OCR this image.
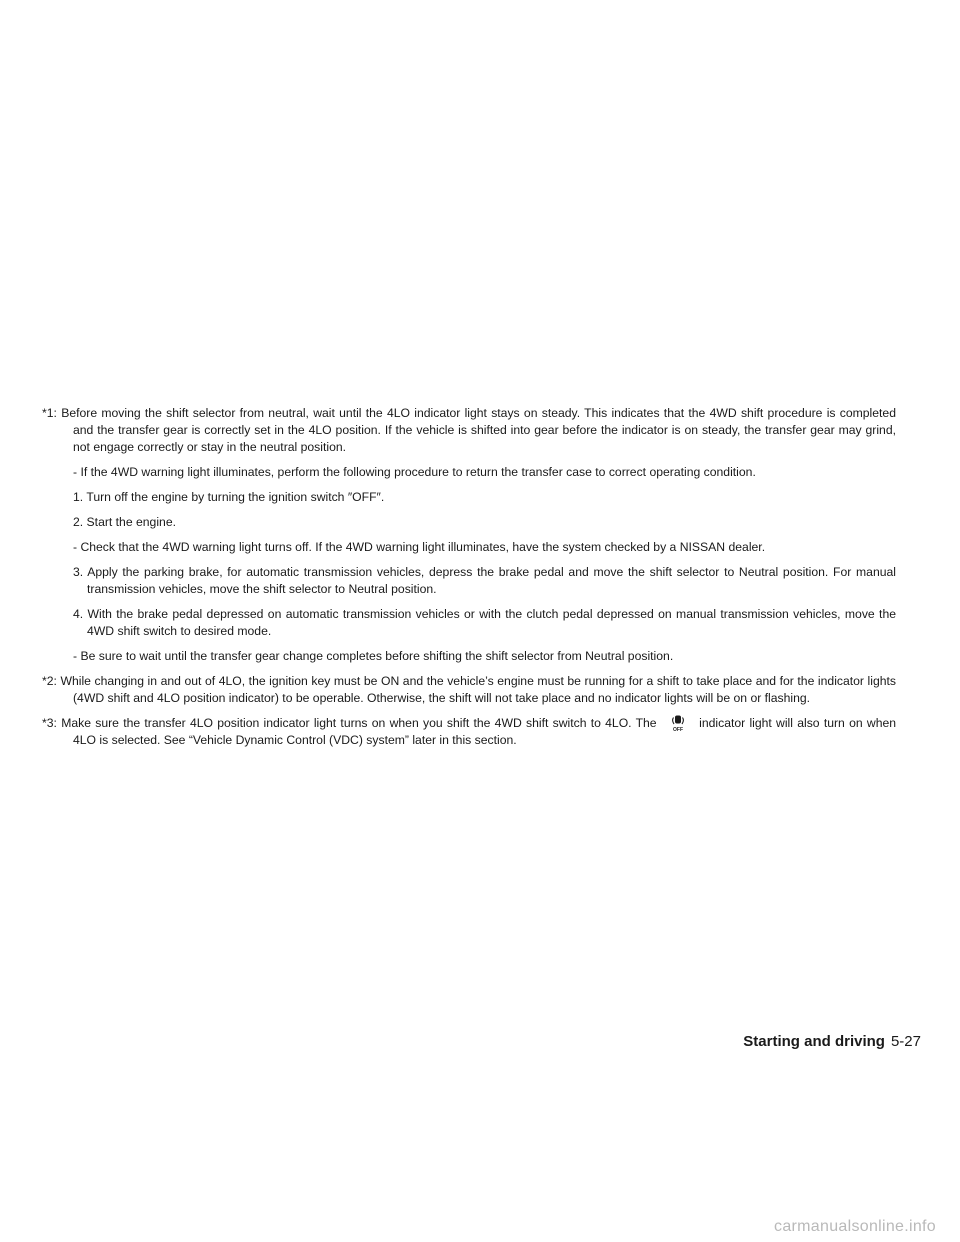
*1: Before moving the shift selector from neutral, wait until the 4LO indicator light stays on steady. This indicates that the 4WD shift procedure is completed and the transfer gear is correctly set in the 4LO position. If the vehicle is shifted into gear before the indicator is on steady, the transfer gear may grind, not engage correctly or stay in the neutral position.

- If the 4WD warning light illuminates, perform the following procedure to return the transfer case to correct operating condition.

1. Turn off the engine by turning the ignition switch ″OFF″.

2. Start the engine.

- Check that the 4WD warning light turns off. If the 4WD warning light illuminates, have the system checked by a NISSAN dealer.

3. Apply the parking brake, for automatic transmission vehicles, depress the brake pedal and move the shift selector to Neutral position. For manual transmission vehicles, move the shift selector to Neutral position.

4. With the brake pedal depressed on automatic transmission vehicles or with the clutch pedal depressed on manual transmission vehicles, move the 4WD shift switch to desired mode.

- Be sure to wait until the transfer gear change completes before shifting the shift selector from Neutral position.

*2: While changing in and out of 4LO, the ignition key must be ON and the vehicle’s engine must be running for a shift to take place and for the indicator lights (4WD shift and 4LO position indicator) to be operable. Otherwise, the shift will not take place and no indicator lights will be on or flashing.

*3: Make sure the transfer 4LO position indicator light turns on when you shift the 4WD shift switch to 4LO. The	OFF indicator light will also turn on when 4LO is selected. See “Vehicle Dynamic Control (VDC) system” later in this section.

Starting and driving 5-27
carmanualsonline.info
